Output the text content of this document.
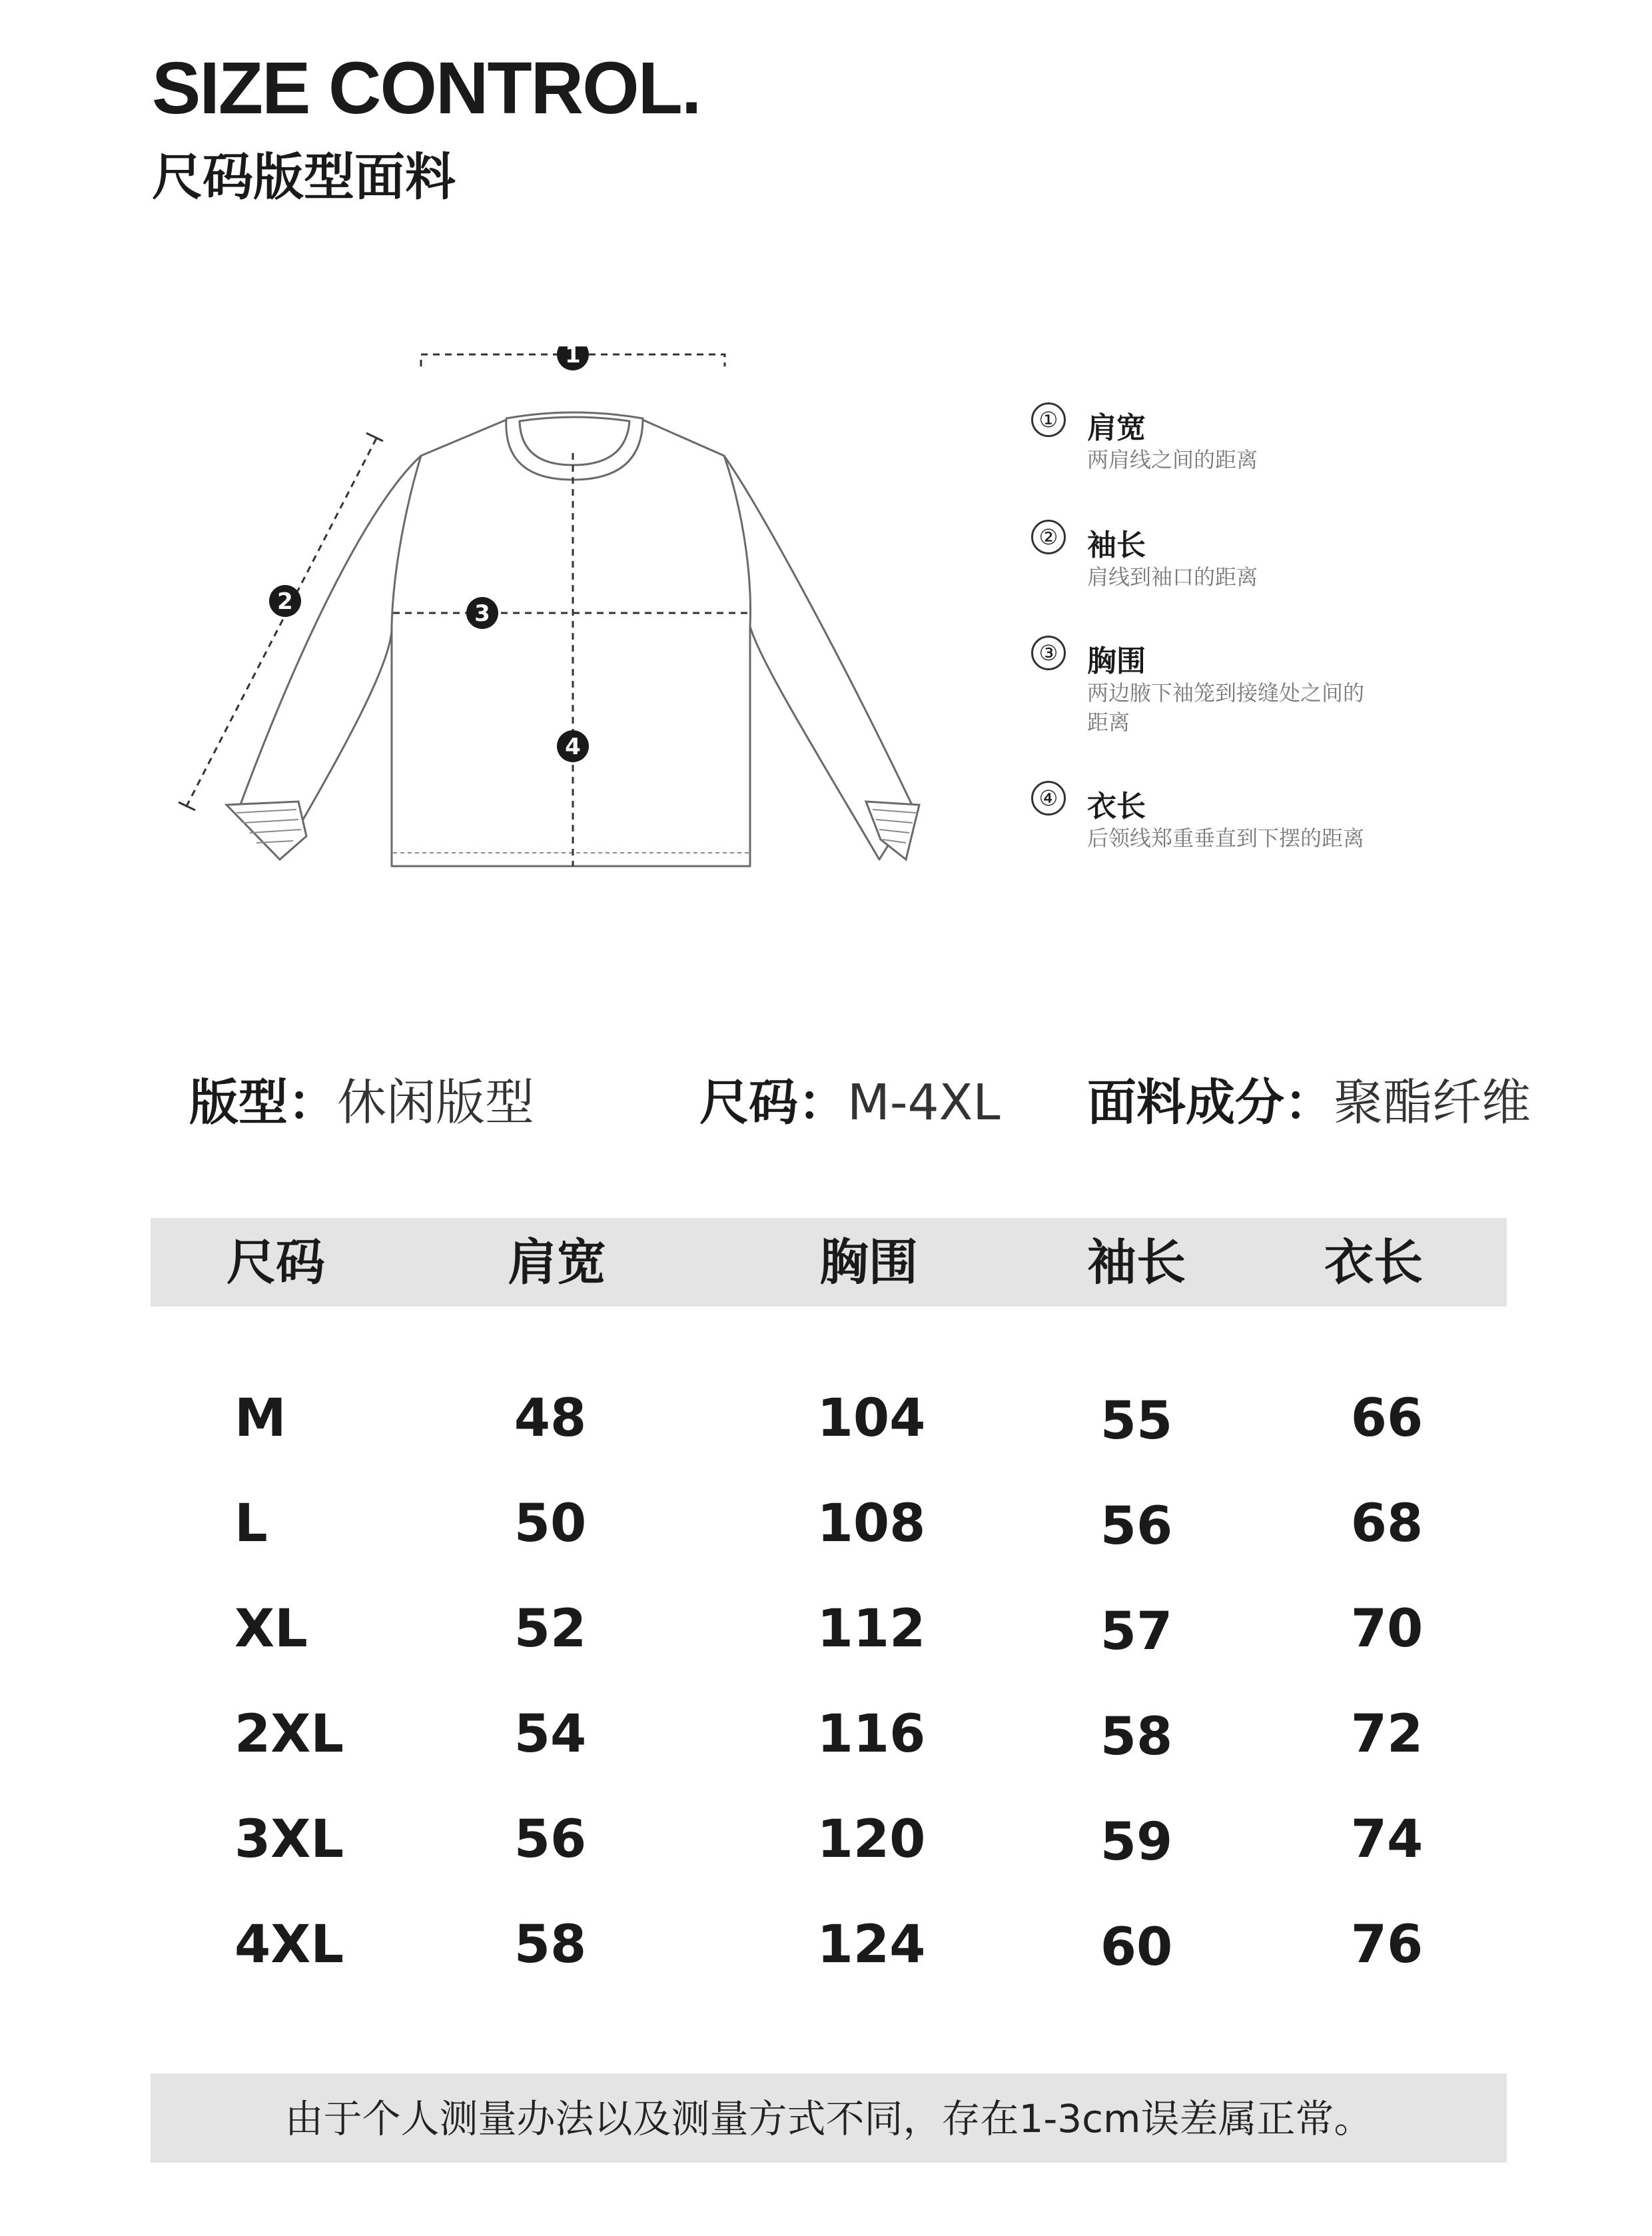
SIZE CONTROL.
尺码版型面料
1
2	3
4
① 肩宽
两肩线之间的距离
② 袖长
肩线到袖口的距离
③ 胸围
两边腋下袖笼到接缝处之间的距离
④ 衣长
后领线郑重垂直到下摆的距离
版型：休闲版型	尺码：M-4XL 面料成分：聚酯纤维
尺码	肩宽	胸围	袖长	衣长
M	48	104	55	66
L	50	108	56	68
XL	52	112	57	70
2XL	54	116	58	72
3XL	56	120	59	74
4XL	58	124	60	76
由于个人测量办法以及测量方式不同，存在1-3cm误差属正常。
